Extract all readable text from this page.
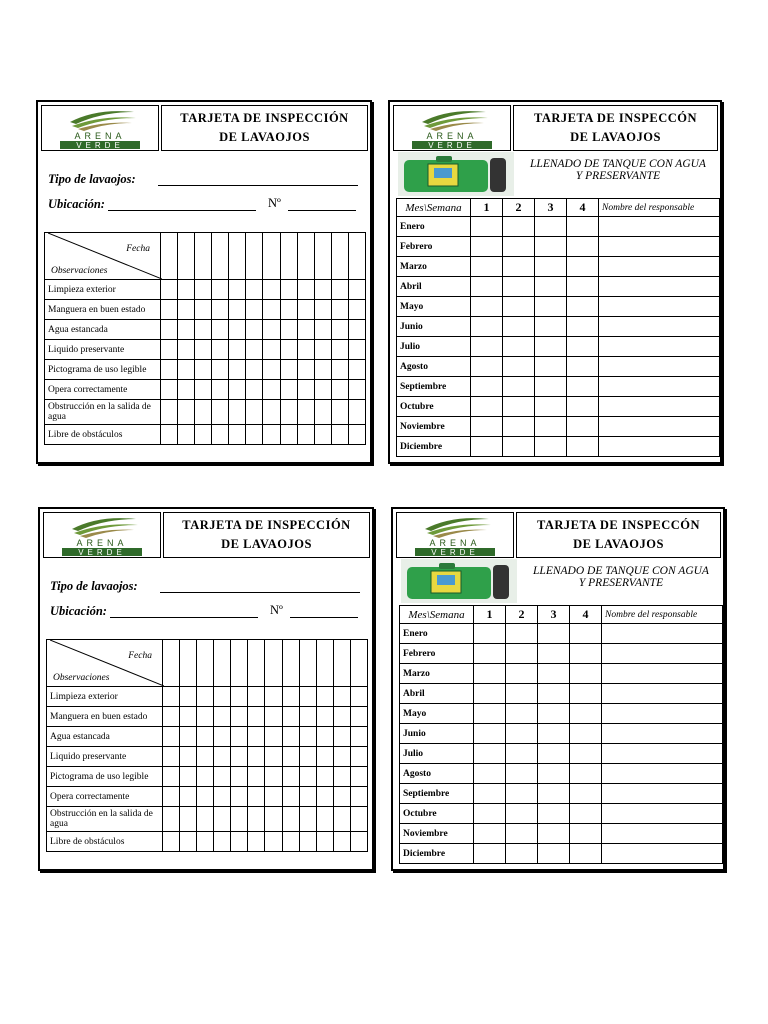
ARENA
VERDE
TARJETA DE INSPECCIÓN
DE LAVAOJOS
Tipo de lavaojos:
Ubicación:	Nº
Fecha
Observaciones												

Limpieza exterior												
Manguera en buen estado												
Agua estancada												
Liquido preservante												
Pictograma de uso legible												
Opera correctamente												
Obstrucción en la salida de agua												
Libre de obstáculos												
ARENA
VERDE
TARJETA DE INSPECCÓN
DE LAVAOJOS
LLENADO DE TANQUE CON AGUA
Y PRESERVANTE
Mes\Semana	1	2	3	4	Nombre del responsable
Enero					
Febrero					
Marzo					
Abril					
Mayo					
Junio					
Julio					
Agosto					
Septiembre					
Octubre					
Noviembre					
Diciembre					
ARENA
VERDE
TARJETA DE INSPECCIÓN
DE LAVAOJOS
Tipo de lavaojos:
Ubicación:	Nº
Fecha
Observaciones												

Limpieza exterior												
Manguera en buen estado												
Agua estancada												
Liquido preservante												
Pictograma de uso legible												
Opera correctamente												
Obstrucción en la salida de agua												
Libre de obstáculos												
ARENA
VERDE
TARJETA DE INSPECCÓN
DE LAVAOJOS
LLENADO DE TANQUE CON AGUA
Y PRESERVANTE
Mes\Semana	1	2	3	4	Nombre del responsable
Enero					
Febrero					
Marzo					
Abril					
Mayo					
Junio					
Julio					
Agosto					
Septiembre					
Octubre					
Noviembre					
Diciembre					
